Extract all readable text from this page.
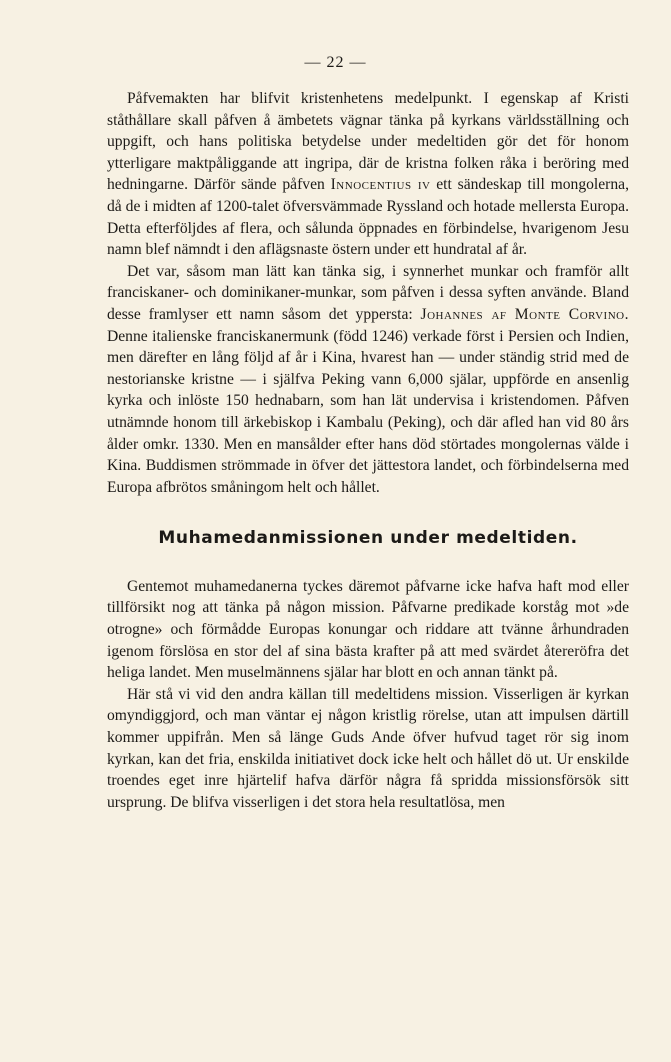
— 22 —

Påfvemakten har blifvit kristenhetens medelpunkt. I egenskap af Kristi ståthållare skall påfven å ämbetets vägnar tänka på kyrkans världsställning och uppgift, och hans politiska betydelse under medeltiden gör det för honom ytterligare maktpåliggande att ingripa, där de kristna folken råka i beröring med hedningarne. Därför sände påfven Innocentius iv ett sändeskap till mongolerna, då de i midten af 1200-talet öfversvämmade Ryssland och hotade mellersta Europa. Detta efterföljdes af flera, och sålunda öppnades en förbindelse, hvarigenom Jesu namn blef nämndt i den aflägsnaste östern under ett hundratal af år.

Det var, såsom man lätt kan tänka sig, i synnerhet munkar och framför allt franciskaner- och dominikaner-munkar, som påfven i dessa syften använde. Bland desse framlyser ett namn såsom det yppersta: Johannes af Monte Corvino. Denne italienske franciskanermunk (född 1246) verkade först i Persien och Indien, men därefter en lång följd af år i Kina, hvarest han — under ständig strid med de nestorianske kristne — i själfva Peking vann 6,000 själar, uppförde en ansenlig kyrka och inlöste 150 hednabarn, som han lät undervisa i kristendomen. Påfven utnämnde honom till ärkebiskop i Kambalu (Peking), och där afled han vid 80 års ålder omkr. 1330. Men en mansålder efter hans död störtades mongolernas välde i Kina. Buddismen strömmade in öfver det jättestora landet, och förbindelserna med Europa afbrötos småningom helt och hållet.

Muhamedanmissionen under medeltiden.

Gentemot muhamedanerna tyckes däremot påfvarne icke hafva haft mod eller tillförsikt nog att tänka på någon mission. Påfvarne predikade korståg mot »de otrogne» och förmådde Europas konungar och riddare att tvänne århundraden igenom förslösa en stor del af sina bästa krafter på att med svärdet återeröfra det heliga landet. Men muselmännens själar har blott en och annan tänkt på.

Här stå vi vid den andra källan till medeltidens mission. Visserligen är kyrkan omyndiggjord, och man väntar ej någon kristlig rörelse, utan att impulsen därtill kommer uppifrån. Men så länge Guds Ande öfver hufvud taget rör sig inom kyrkan, kan det fria, enskilda initiativet dock icke helt och hållet dö ut. Ur enskilde troendes eget inre hjärtelif hafva därför några få spridda missionsförsök sitt ursprung. De blifva visserligen i det stora hela resultatlösa, men
